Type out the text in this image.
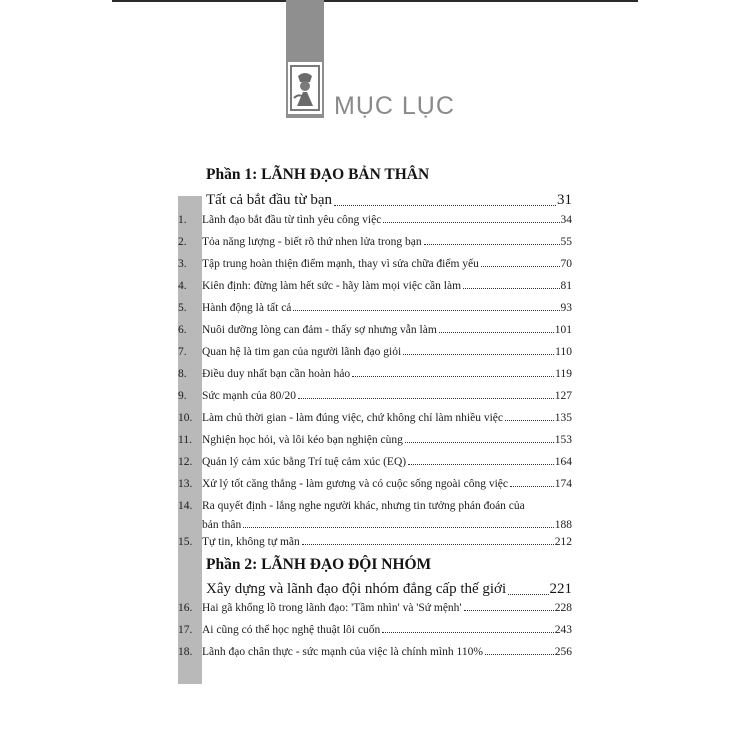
MỤC LỤC
Phần 1: LÃNH ĐẠO BẢN THÂN
Tất cả bắt đầu từ bạn	31
1.	Lãnh đạo bắt đầu từ tình yêu công việc	34
2.	Tỏa năng lượng - biết rõ thứ nhen lửa trong bạn	55
3.	Tập trung hoàn thiện điểm mạnh, thay vì sửa chữa điểm yếu	70
4.	Kiên định: đừng làm hết sức - hãy làm mọi việc cần làm	81
5.	Hành động là tất cả	93
6.	Nuôi dưỡng lòng can đảm - thấy sợ nhưng vẫn làm	101
7.	Quan hệ là tim gan của người lãnh đạo giỏi	110
8.	Điều duy nhất bạn cần hoàn hảo	119
9.	Sức mạnh của 80/20	127
10. Làm chủ thời gian - làm đúng việc, chứ không chỉ làm nhiều việc	135
11. Nghiện học hỏi, và lôi kéo bạn nghiện cùng	153
12. Quản lý cảm xúc bằng Trí tuệ cảm xúc (EQ)	164
13. Xử lý tốt căng thẳng - làm gương và có cuộc sống ngoài công việc	174
14. Ra quyết định - lắng nghe người khác, nhưng tin tưởng phán đoán của
bản thân	188
15. Tự tin, không tự mãn	212
Phần 2: LÃNH ĐẠO ĐỘI NHÓM
Xây dựng và lãnh đạo đội nhóm đẳng cấp thế giới	221
16. Hai gã khổng lồ trong lãnh đạo: 'Tầm nhìn' và 'Sứ mệnh'	228
17. Ai cũng có thể học nghệ thuật lôi cuốn	243
18. Lãnh đạo chân thực - sức mạnh của việc là chính mình 110%	256
